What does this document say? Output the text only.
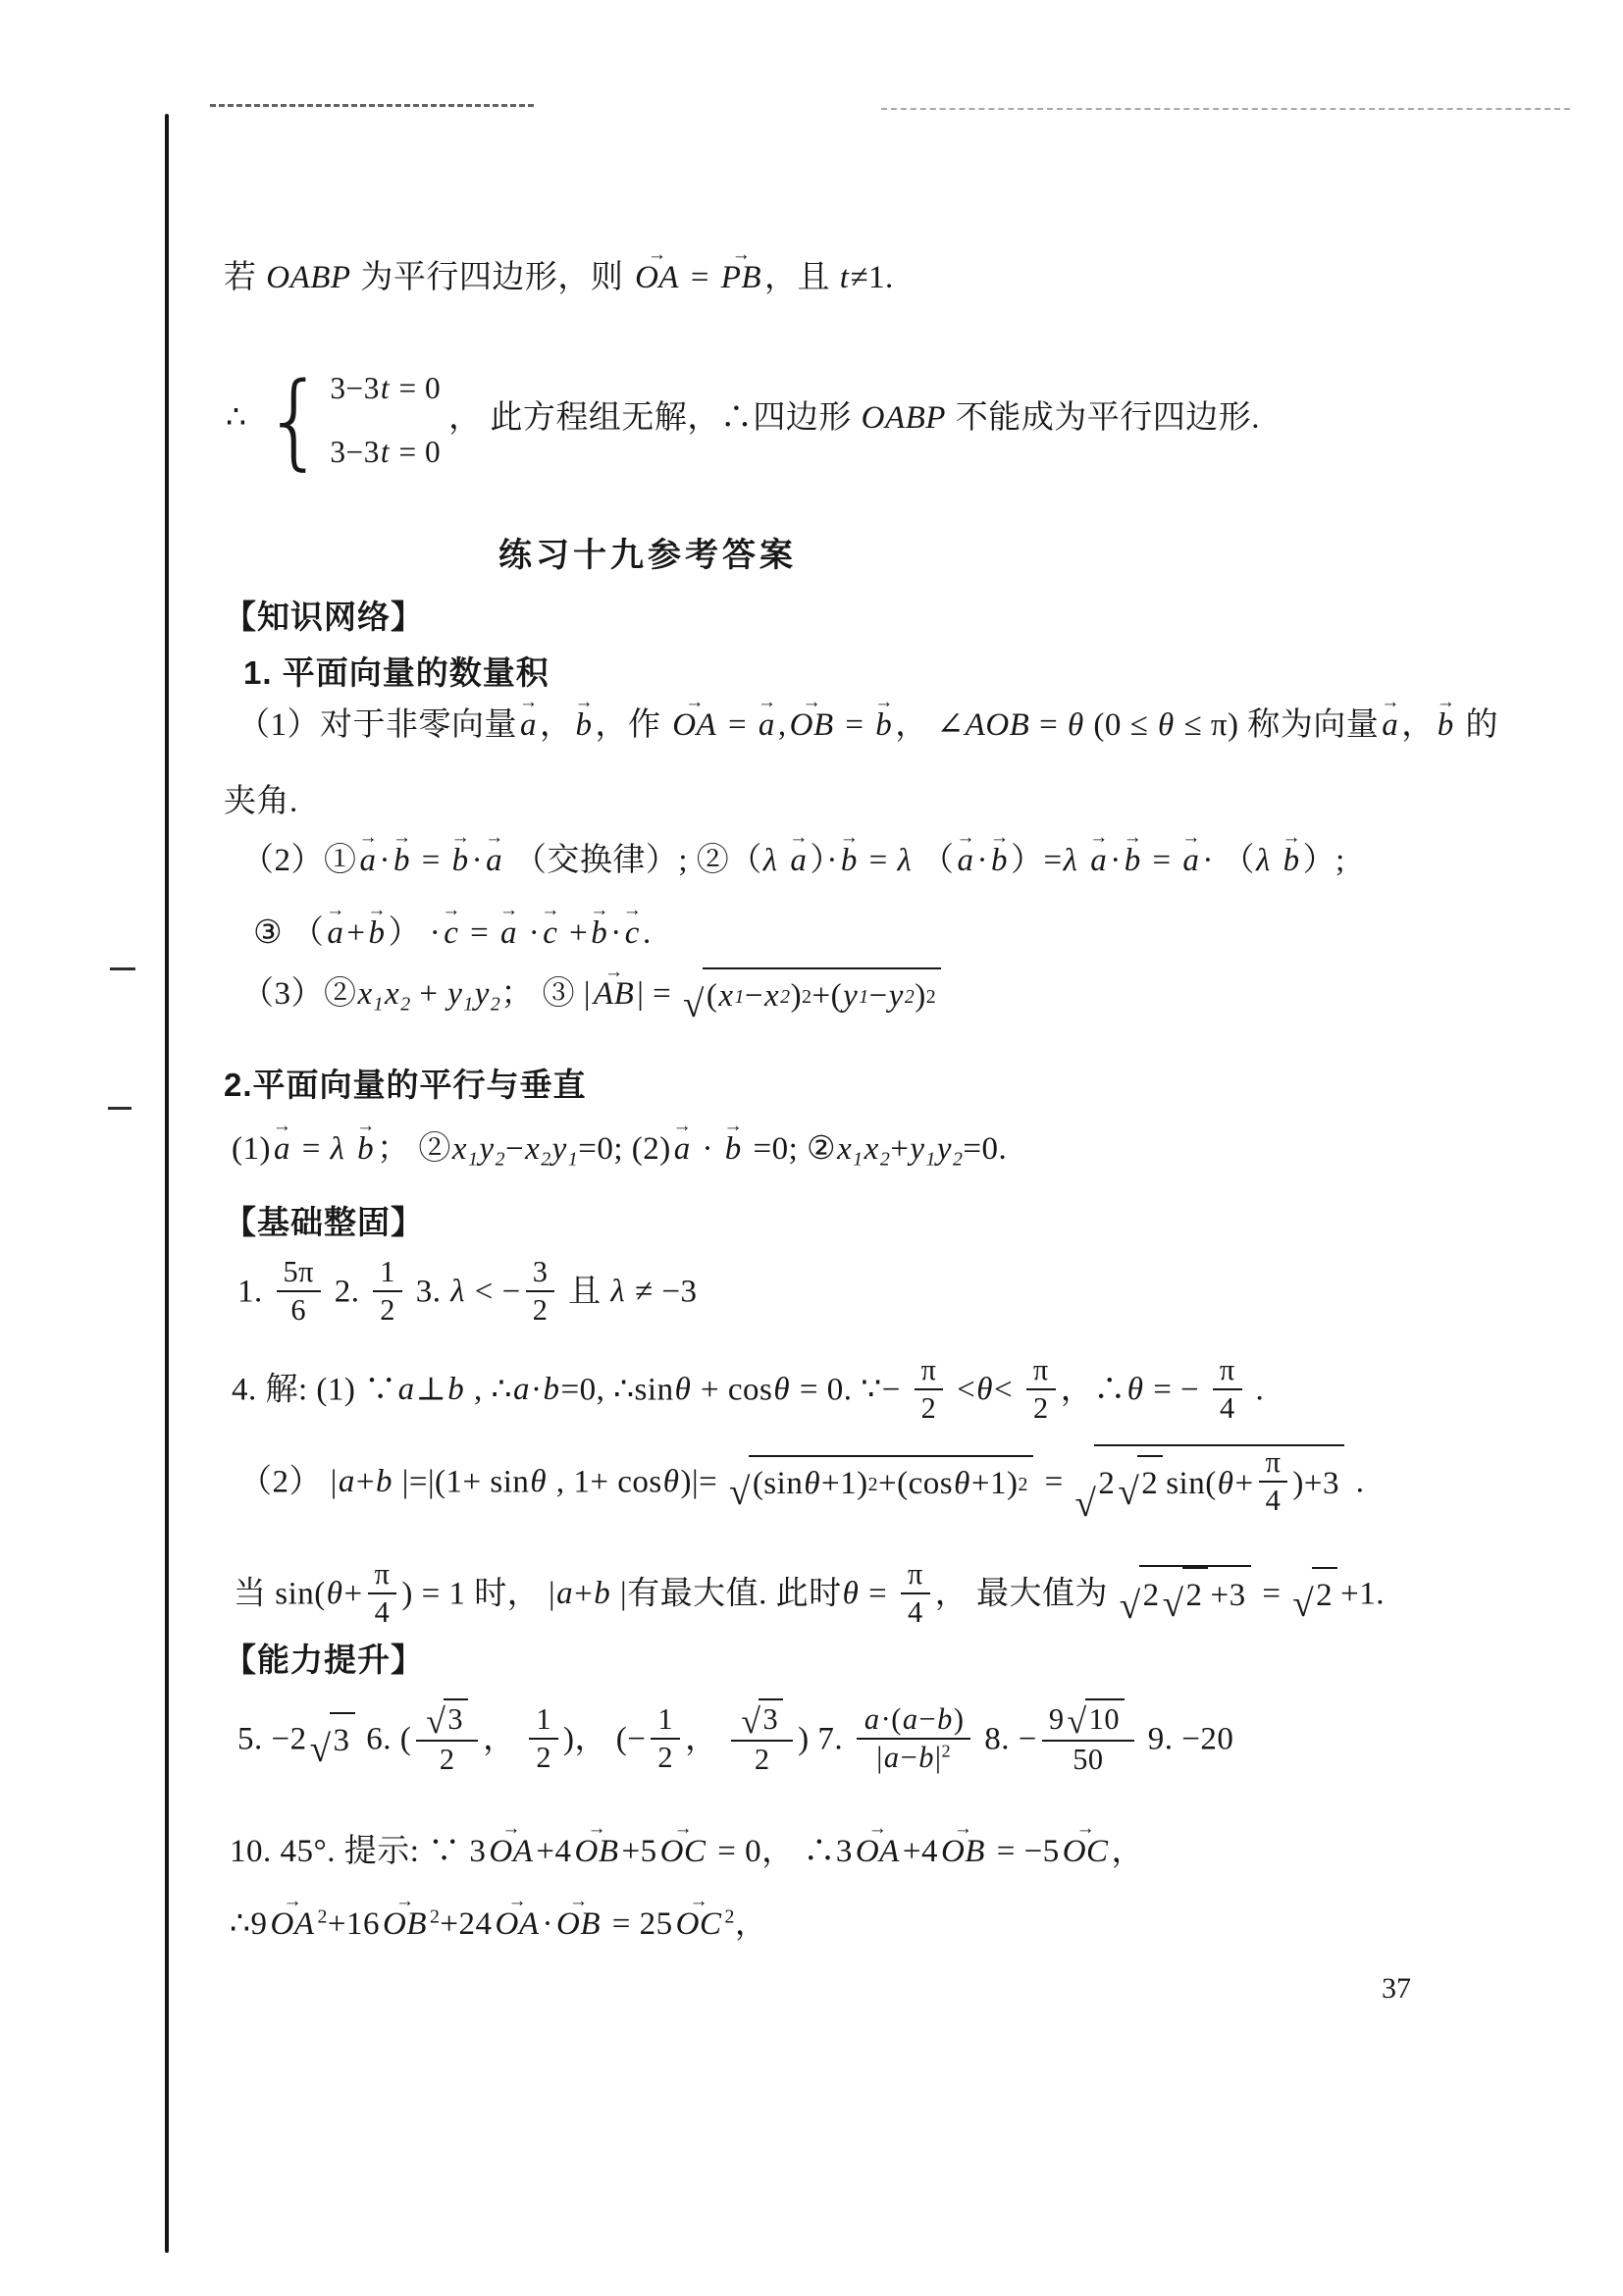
若 OABP 为平行四边形，则 OA → = PB →，且 t≠1.
∴ { 3−3t = 0
3−3t = 0
， 此方程组无解，∴四边形 OABP 不能成为平行四边形.
练习十九参考答案
【知识网络】
1. 平面向量的数量积
（1）对于非零向量a →，b →，作 OA → = a →,OB → = b →， ∠AOB = θ (0 ≤ θ ≤ π) 称为向量a →，b → 的
夹角.
（2）①a →·b → = b →·a → （交换律）; ②（λ a →）·b → = λ （a →·b →）=λ a →·b → = a →· （λ b →）;
③ （a →+b →） ·c → = a → ·c → +b →·c →.
$(3)②x_1x_2 + y_1y_2$； ③ |AB →| = √ ( x 1 − x 2 ) 2 +( y 1 − y 2 ) 2
2.平面向量的平行与垂直
(1)a → = λ b →； $②x_1y_2-x_2y_1=0$; (2)a → · b → =0; $②x_1x_2+y_1y_2=0$.
【基础整固】
1. $\frac{5\pi}{6} 2$. $\frac{1}{2} 3$. λ < − $\frac{3}{2}$ 且 λ ≠ −3
4. 解: (1) ∵a⊥b , ∴a·b=0, ∴sinθ + cosθ = 0. ∵− $\frac{\pi}{2} <\theta< \frac{\pi}{2}$ ，∴θ = − $\frac{\pi}{4}$ .
（2） |a+b |=|(1+ sinθ , 1+ cosθ)|= √ (sin θ +1) 2 +(cos θ +1) 2 =
√ 2 √ 2 sin( $\theta + \frac{\pi}{4} )+3$ .
当 $\sin(\theta+ \frac{\pi}{4}$ ) = 1 时， |a+b |有最大值. 此时$\theta = \frac{\pi}{4}$ ， 最大值为 √ 2 √ 2 +3 = √ 2 +1.
【能力提升】
5. −2 √ 3 6. ( $\frac{√ 3}{2}$ ， $\frac{1}{2}$ )， (− $\frac{1}{2}$ ， $\frac{√ 3}{2}$ ) 7. $\frac{a \cdot( a - b )}{|a-b|^2} 8$. − $\frac{9 √ 10}{50} 9$. −20
10. 45°. 提示: ∵ 3OA →+4OB →+5OC → = 0， ∴3OA →+4OB → = −5OC →，
∴9OA → $^2$+16OB → $^2$+24OA →·OB → = 25OC → $^2$，
37
